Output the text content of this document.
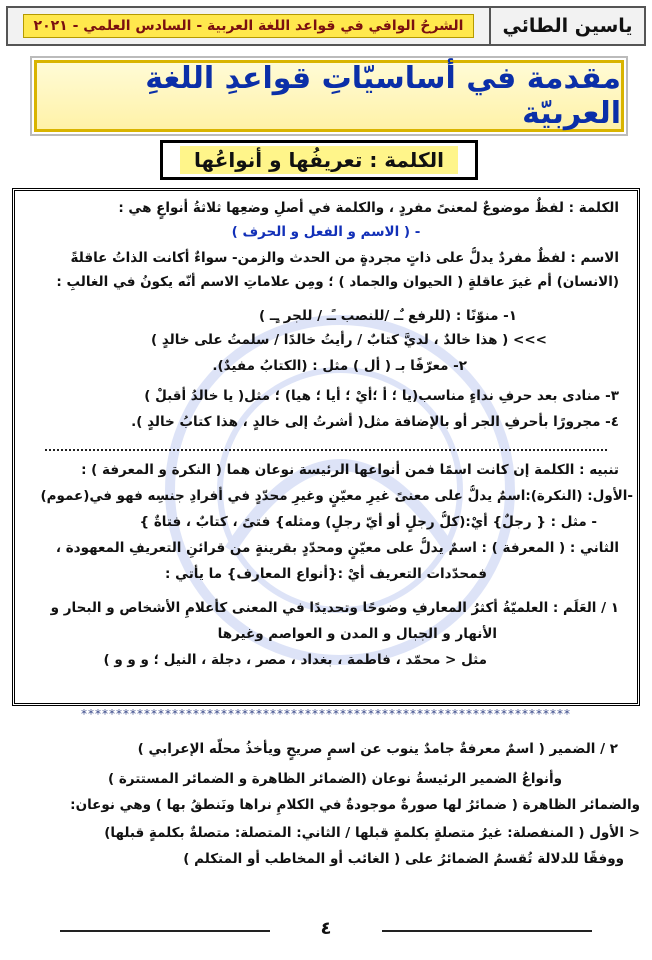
ياسين الطائي
الشرحُ الوافي في قواعد اللغة العربية - السادس العلمي - ٢٠٢١
مقدمة في أساسيّاتِ قواعدِ اللغةِ العربيّة
الكلمة : تعريفُها و أنواعُها
الكلمة : لفظٌ موضوعٌ لمعنىً مفردٍ ، والكلمة في أصلِ وضعِها ثلاثةُ أنواعٍ هي :
- ( الاسم و الفعل و الحرف )
الاسم : لفظٌ مفردٌ يدلُّ على ذاتٍ مجردةٍ من الحدث والزمن- سواءٌ أكانت الذاتُ عاقلةً
(الانسان) أم غيرَ عاقلةٍ ( الحيوان والجماد ) ؛ ومِن علاماتِ الاسم أنّه يكونُ في الغالبِ :
١- منوّنًا : (للرفع ـٌـ /للنصب ـًـ / للجر ـٍـ )
>>> ( هذا خالدٌ ، لديَّ كتابٌ / رأيتُ خالدًا / سلمتُ على خالدٍ )
٢- معرّفًا بـ ( أل ) مثل : (الكتابُ مفيدٌ).
٣- منادى بعد حرفِ نداءٍ مناسب(يا ؛ أ ؛أيْ ؛ أيا ؛ هيا) ؛ مثل( يا خالدُ أقبلْ )
٤- مجرورًا بأحرفِ الجر أو بالإضافة مثل( أشرتُ إلى خالدٍ ، هذا كتابُ خالدٍ ).
تنبيه : الكلمة إن كانت اسمًا فمن أنواعها الرئيسة نوعان هما ( النكرة و المعرفة ) :
-الأول: (النكرة):اسمٌ يدلُّ على معنىً غيرِ معيّنٍ وغيرِ محدّدٍ في أفرادِ جنسِه فهو في(عموم)
- مثل : { رجلٌ} أيْ:(كلُّ رجلٍ أو أيّ رجلٍ) ومثله} فتىً ، كتابٌ ، فتاةٌ }
الثاني : ( المعرفة ) : اسمٌ يدلُّ على معيّنٍ ومحدّدٍ بقرينةٍ من قرائنِ التعريفِ المعهودة ،
فمحدّدات التعريف أيْ :{أنواع المعارف} ما يأتي :
١ / العَلَم : العلميّةُ أكثرُ المعارفِ وضوحًا وتحديدًا في المعنى كأعلامِ الأشخاص و البحار و
الأنهار و الجبال و المدن و العواصم وغيرها
مثل < محمّد ، فاطمة ، بغداد ، مصر ، دجلة ، النيل ؛ و و و )
**********************************************************************
٢ / الضمير ( اسمٌ معرفةٌ جامدٌ ينوب عن اسمٍ صريحٍ ويأخذُ محلَّه الإعرابي )
وأنواعُ الضمير الرئيسةُ نوعان (الضمائر الظاهرة و الضمائر المستترة )
والضمائر الظاهرة ( ضمائرُ لها صورةٌ موجودةٌ في الكلامِ نراها ونَنطقُ بها ) وهي نوعان:
< الأول ( المنفصلة: غيرُ متصلةٍ بكلمةٍ قبلها / الثاني: المتصلة: متصلةٌ بكلمةٍ قبلها)
ووفقًا للدلالة تُقسمُ الضمائرُ على ( الغائب أو المخاطب أو المتكلم )
٤
